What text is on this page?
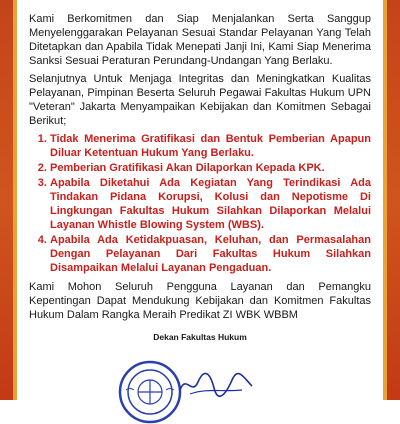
Kami Berkomitmen dan Siap Menjalankan Serta Sanggup Menyelenggarakan Pelayanan Sesuai Standar Pelayanan Yang Telah Ditetapkan dan Apabila Tidak Menepati Janji Ini, Kami Siap Menerima Sanksi Sesuai Peraturan Perundang-Undangan Yang Berlaku.

Selanjutnya Untuk Menjaga Integritas dan Meningkatkan Kualitas Pelayanan, Pimpinan Beserta Seluruh Pegawai Fakultas Hukum UPN "Veteran" Jakarta Menyampaikan Kebijakan dan Komitmen Sebagai Berikut;

1. Tidak Menerima Gratifikasi dan Bentuk Pemberian Apapun Diluar Ketentuan Hukum Yang Berlaku.
2. Pemberian Gratifikasi Akan Dilaporkan Kepada KPK.
3. Apabila Diketahui Ada Kegiatan Yang Terindikasi Ada Tindakan Pidana Korupsi, Kolusi dan Nepotisme Di Lingkungan Fakultas Hukum Silahkan Dilaporkan Melalui Layanan Whistle Blowing System (WBS).
4. Apabila Ada Ketidakpuasan, Keluhan, dan Permasalahan Dengan Pelayanan Dari Fakultas Hukum Silahkan Disampaikan Melalui Layanan Pengaduan.

Kami Mohon Seluruh Pengguna Layanan dan Pemangku Kepentingan Dapat Mendukung Kebijakan dan Komitmen Fakultas Hukum Dalam Rangka Meraih Predikat ZI WBK WBBM

Dekan Fakultas Hukum
